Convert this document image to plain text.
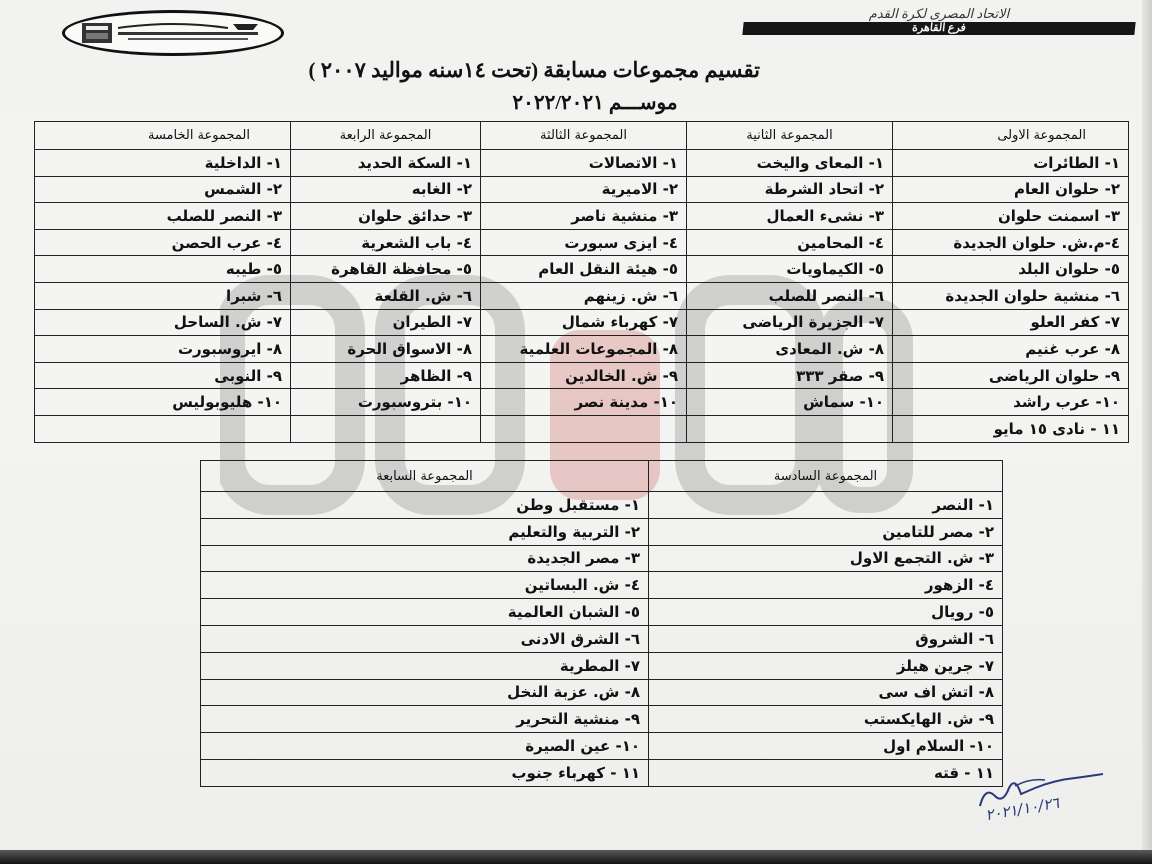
الاتحاد المصرى لكرة القدم
فرع القاهرة
تقسيم مجموعات مسابقة (تحت ١٤سنه مواليد ٢٠٠٧ )
موســـم ٢٠٢٢/٢٠٢١
المجموعة الاولى	المجموعة الثانية	المجموعة الثالثة	المجموعة الرابعة	المجموعة الخامسة
١- الطائرات	١- المعاى واليخت	١- الاتصالات	١- السكة الحديد	١- الداخلية
٢- حلوان العام	٢- اتحاد الشرطة	٢- الاميرية	٢- الغابه	٢- الشمس
٣- اسمنت حلوان	٣- نشىء العمال	٣- منشية ناصر	٣- حدائق حلوان	٣- النصر للصلب
٤-م.ش. حلوان الجديدة	٤- المحامين	٤- ايزى سبورت	٤- باب الشعرية	٤- عرب الحصن
٥- حلوان البلد	٥- الكيماويات	٥- هيئة النقل العام	٥- محافظة القاهرة	٥- طيبه
٦- منشية حلوان الجديدة	٦- النصر للصلب	٦- ش. زينهم	٦- ش. القلعة	٦- شبرا
٧- كفر العلو	٧- الجزيرة الرياضى	٧- كهرباء شمال	٧- الطيران	٧- ش. الساحل
٨- عرب غنيم	٨- ش. المعادى	٨- المجموعات العلمية	٨- الاسواق الحرة	٨- ايروسبورت
٩- حلوان الرياضى	٩- صقر ٣٣٣	٩- ش. الخالدين	٩- الظاهر	٩- النوبى
١٠- عرب راشد	١٠- سماش	١٠- مدينة نصر	١٠- بتروسبورت	١٠- هليوبوليس
١١ - نادى ١٥ مايو				
المجموعة السادسة	المجموعة السابعة
١- النصر	١- مستقبل وطن
٢- مصر للتامين	٢- التربية والتعليم
٣- ش. التجمع الاول	٣- مصر الجديدة
٤- الزهور	٤- ش. البساتين
٥- رويال	٥- الشبان العالمية
٦- الشروق	٦- الشرق الادنى
٧- جرين هيلز	٧- المطرية
٨- اتش اف سى	٨- ش. عزبة النخل
٩- ش. الهايكستب	٩- منشية التحرير
١٠- السلام اول	١٠- عين الصيرة
١١ - قته	١١ - كهرباء جنوب
٢٠٢١/١٠/٢٦
